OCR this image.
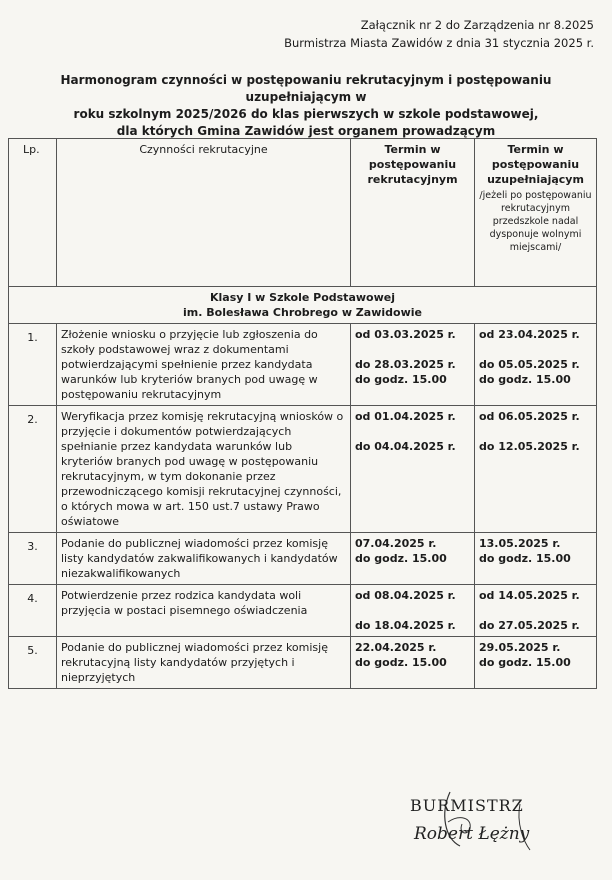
Załącznik nr 2 do Zarządzenia nr 8.2025
Burmistrza Miasta Zawidów z dnia 31 stycznia 2025 r.
Harmonogram czynności w postępowaniu rekrutacyjnym i postępowaniu uzupełniającym w
roku szkolnym 2025/2026 do klas pierwszych w szkole podstawowej,
dla których Gmina Zawidów jest organem prowadzącym
Lp.	Czynności rekrutacyjne	Termin w postępowaniu rekrutacyjnym	Termin w postępowaniu uzupełniającym
/jeżeli po postępowaniu rekrutacyjnym przedszkole nadal dysponuje wolnymi miejscami/

Klasy I w Szkole Podstawowej
im. Bolesława Chrobrego w Zawidowie			

1.	Złożenie wniosku o przyjęcie lub zgłoszenia do szkoły podstawowej wraz z dokumentami potwierdzającymi spełnienie przez kandydata warunków lub kryteriów branych pod uwagę w postępowaniu rekrutacyjnym	od 03.03.2025 r.

do 28.03.2025 r.
do godz. 15.00	od 23.04.2025 r.

do 05.05.2025 r.
do godz. 15.00
2.	Weryfikacja przez komisję rekrutacyjną wniosków o przyjęcie i dokumentów potwierdzających spełnianie przez kandydata warunków lub kryteriów branych pod uwagę w postępowaniu rekrutacyjnym, w tym dokonanie przez przewodniczącego komisji rekrutacyjnej czynności, o których mowa w art. 150 ust.7 ustawy Prawo oświatowe	od 01.04.2025 r.

do 04.04.2025 r.	od 06.05.2025 r.

do 12.05.2025 r.
3.	Podanie do publicznej wiadomości przez komisję listy kandydatów zakwalifikowanych i kandydatów niezakwalifikowanych	07.04.2025 r.
do godz. 15.00	13.05.2025 r.
do godz. 15.00
4.	Potwierdzenie przez rodzica kandydata woli przyjęcia w postaci pisemnego oświadczenia	od 08.04.2025 r.

do 18.04.2025 r.	od 14.05.2025 r.

do 27.05.2025 r.
5.	Podanie do publicznej wiadomości przez komisję rekrutacyjną listy kandydatów przyjętych i nieprzyjętych	22.04.2025 r.
do godz. 15.00	29.05.2025 r.
do godz. 15.00
BURMISTRZ
Robert Łężny
